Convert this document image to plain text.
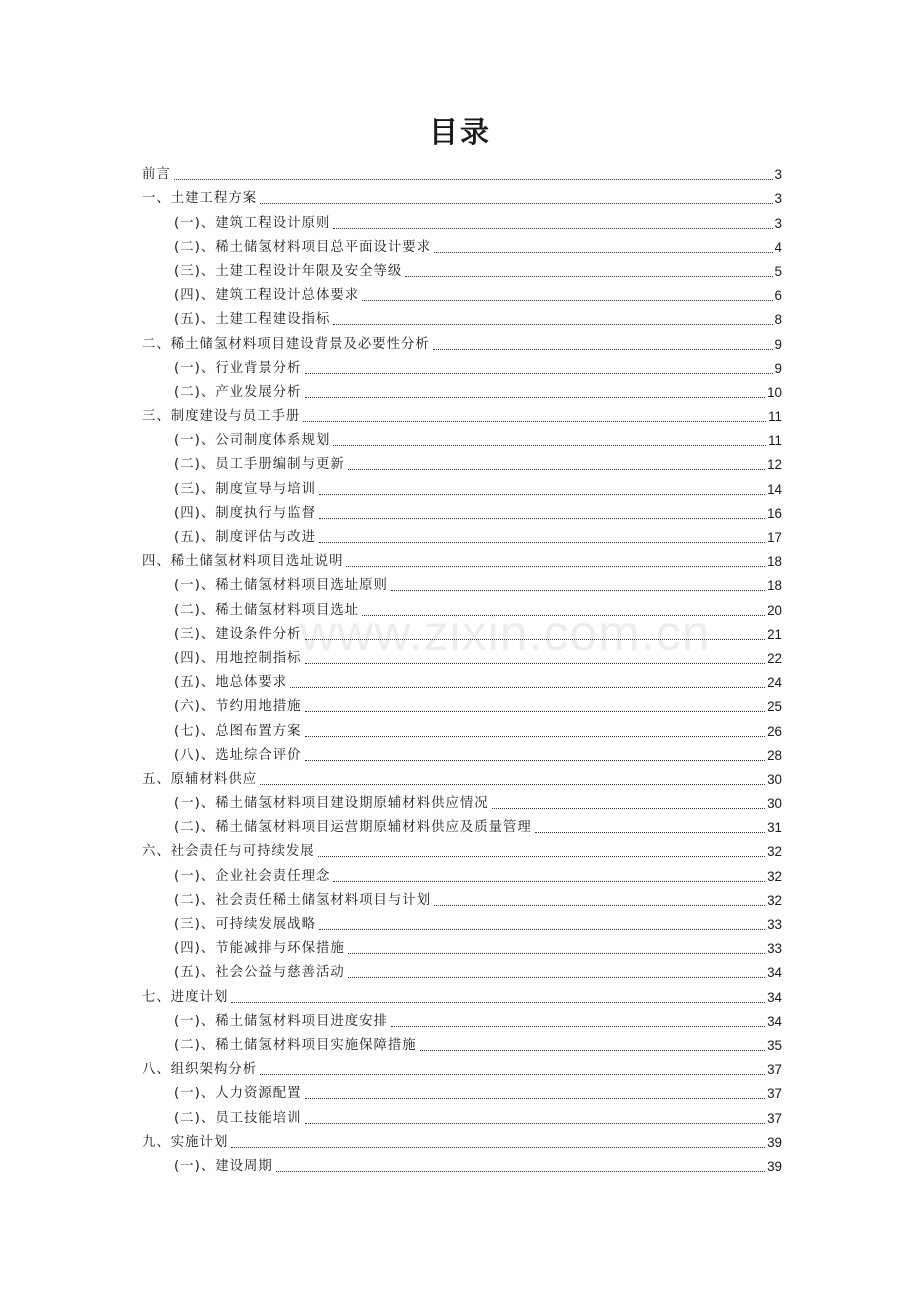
目录
前言	3
一、土建工程方案	3
(一)、建筑工程设计原则	3
(二)、稀土储氢材料项目总平面设计要求	4
(三)、土建工程设计年限及安全等级	5
(四)、建筑工程设计总体要求	6
(五)、土建工程建设指标	8
二、稀土储氢材料项目建设背景及必要性分析	9
(一)、行业背景分析	9
(二)、产业发展分析	10
三、制度建设与员工手册	11
(一)、公司制度体系规划	11
(二)、员工手册编制与更新	12
(三)、制度宣导与培训	14
(四)、制度执行与监督	16
(五)、制度评估与改进	17
四、稀土储氢材料项目选址说明	18
(一)、稀土储氢材料项目选址原则	18
(二)、稀土储氢材料项目选址	20
(三)、建设条件分析	21
(四)、用地控制指标	22
(五)、地总体要求	24
(六)、节约用地措施	25
(七)、总图布置方案	26
(八)、选址综合评价	28
五、原辅材料供应	30
(一)、稀土储氢材料项目建设期原辅材料供应情况	30
(二)、稀土储氢材料项目运营期原辅材料供应及质量管理	31
六、社会责任与可持续发展	32
(一)、企业社会责任理念	32
(二)、社会责任稀土储氢材料项目与计划	32
(三)、可持续发展战略	33
(四)、节能减排与环保措施	33
(五)、社会公益与慈善活动	34
七、进度计划	34
(一)、稀土储氢材料项目进度安排	34
(二)、稀土储氢材料项目实施保障措施	35
八、组织架构分析	37
(一)、人力资源配置	37
(二)、员工技能培训	37
九、实施计划	39
(一)、建设周期	39
www.zixin.com.cn
